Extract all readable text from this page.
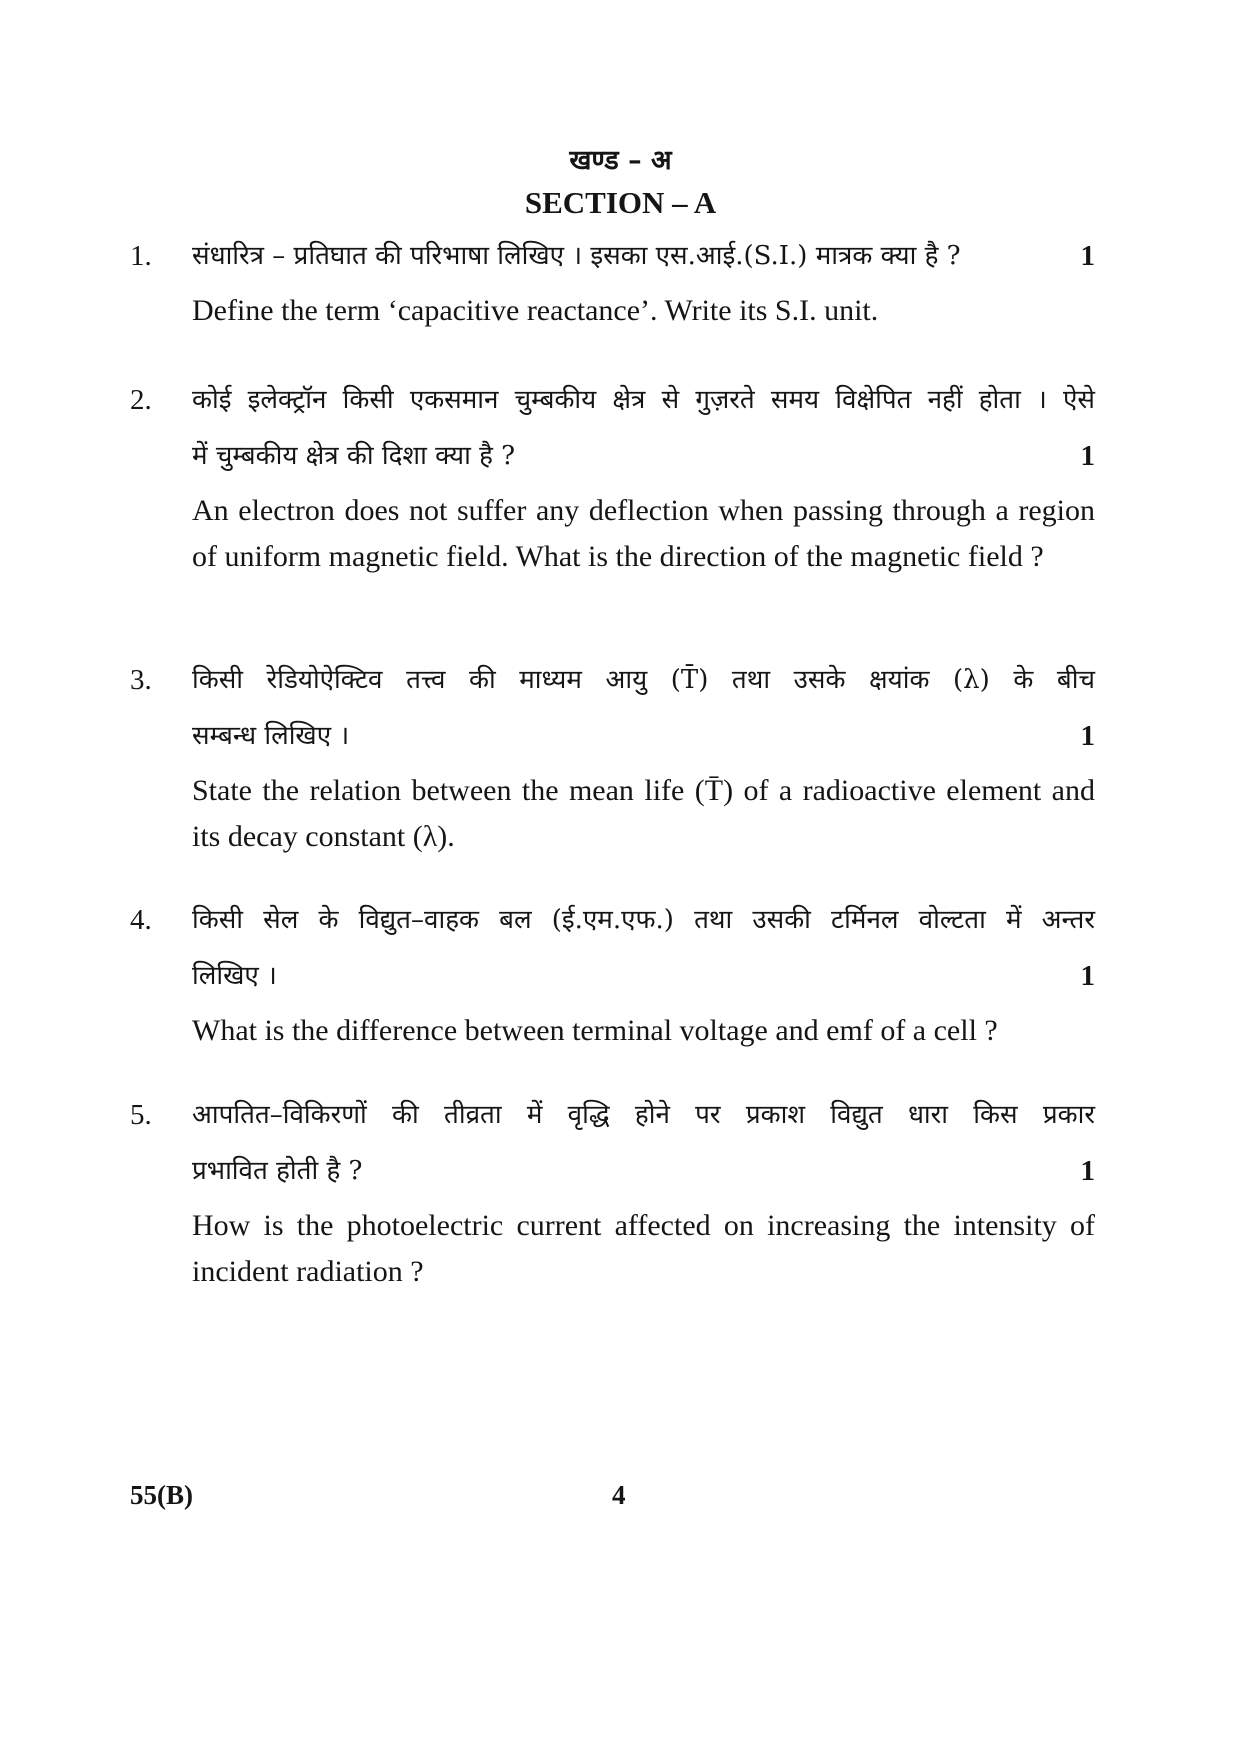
खण्ड – अ
SECTION – A
1. संधारित्र – प्रतिघात की परिभाषा लिखिए । इसका एस.आई.(S.I.) मात्रक क्या है ?	1
Define the term ‘capacitive reactance’. Write its S.I. unit.
2. कोई इलेक्ट्रॉन किसी एकसमान चुम्बकीय क्षेत्र से गुज़रते समय विक्षेपित नहीं होता । ऐसे
में चुम्बकीय क्षेत्र की दिशा क्या है ?	1
An electron does not suffer any deflection when passing through a region of uniform magnetic field. What is the direction of the magnetic field ?
3. किसी रेडियोऐक्टिव तत्त्व की माध्यम आयु (T̄) तथा उसके क्षयांक (λ) के बीच
सम्बन्ध लिखिए ।	1
State the relation between the mean life (T̄) of a radioactive element and its decay constant (λ).
4. किसी सेल के विद्युत–वाहक बल (ई.एम.एफ.) तथा उसकी टर्मिनल वोल्टता में अन्तर
लिखिए ।	1
What is the difference between terminal voltage and emf of a cell ?
5. आपतित–विकिरणों की तीव्रता में वृद्धि होने पर प्रकाश विद्युत धारा किस प्रकार
प्रभावित होती है ?	1
How is the photoelectric current affected on increasing the intensity of incident radiation ?
55(B)	4
